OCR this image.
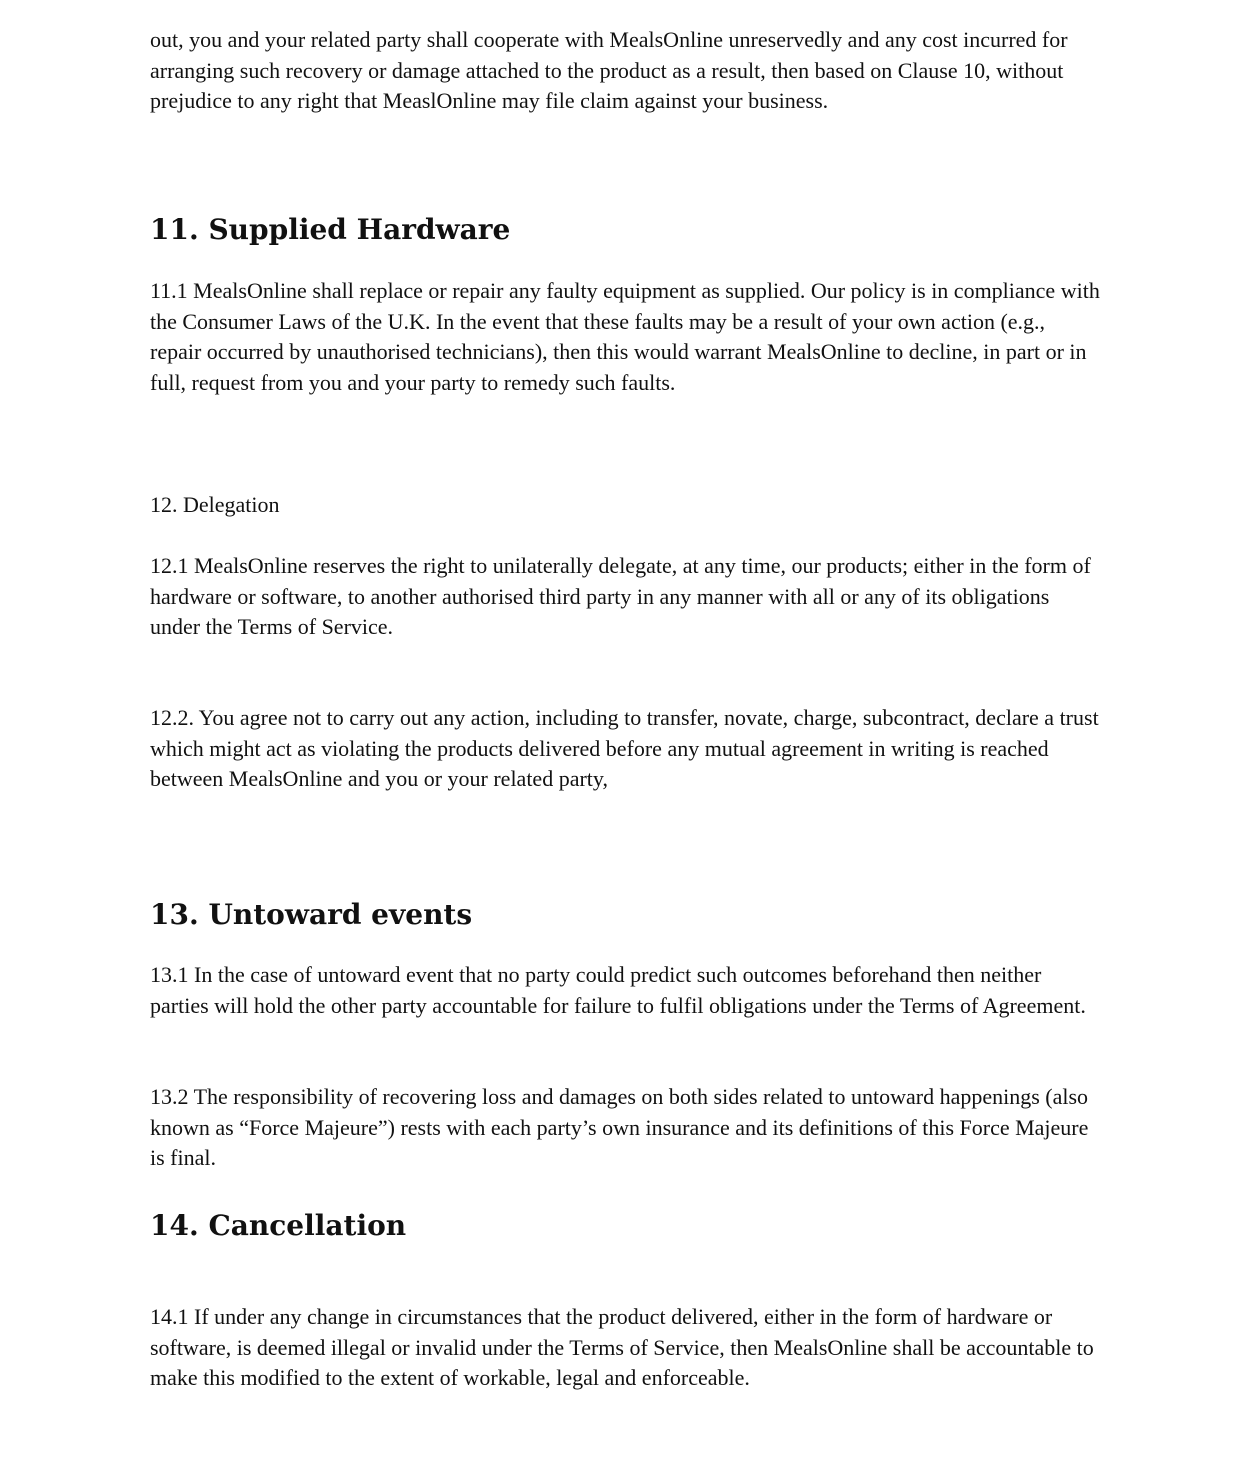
out, you and your related party shall cooperate with MealsOnline unreservedly and any cost incurred for arranging such recovery or damage attached to the product as a result, then based on Clause 10, without prejudice to any right that MeaslOnline may file claim against your business.

11. Supplied Hardware

11.1 MealsOnline shall replace or repair any faulty equipment as supplied. Our policy is in compliance with the Consumer Laws of the U.K. In the event that these faults may be a result of your own action (e.g., repair occurred by unauthorised technicians), then this would warrant MealsOnline to decline, in part or in full, request from you and your party to remedy such faults.

12. Delegation

12.1 MealsOnline reserves the right to unilaterally delegate, at any time, our products; either in the form of hardware or software, to another authorised third party in any manner with all or any of its obligations under the Terms of Service.

12.2. You agree not to carry out any action, including to transfer, novate, charge, subcontract, declare a trust which might act as violating the products delivered before any mutual agreement in writing is reached between MealsOnline and you or your related party,

13. Untoward events

13.1 In the case of untoward event that no party could predict such outcomes beforehand then neither parties will hold the other party accountable for failure to fulfil obligations under the Terms of Agreement.

13.2 The responsibility of recovering loss and damages on both sides related to untoward happenings (also known as “Force Majeure”) rests with each party’s own insurance and its definitions of this Force Majeure is final.

14. Cancellation

14.1 If under any change in circumstances that the product delivered, either in the form of hardware or software, is deemed illegal or invalid under the Terms of Service, then MealsOnline shall be accountable to make this modified to the extent of workable, legal and enforceable.
